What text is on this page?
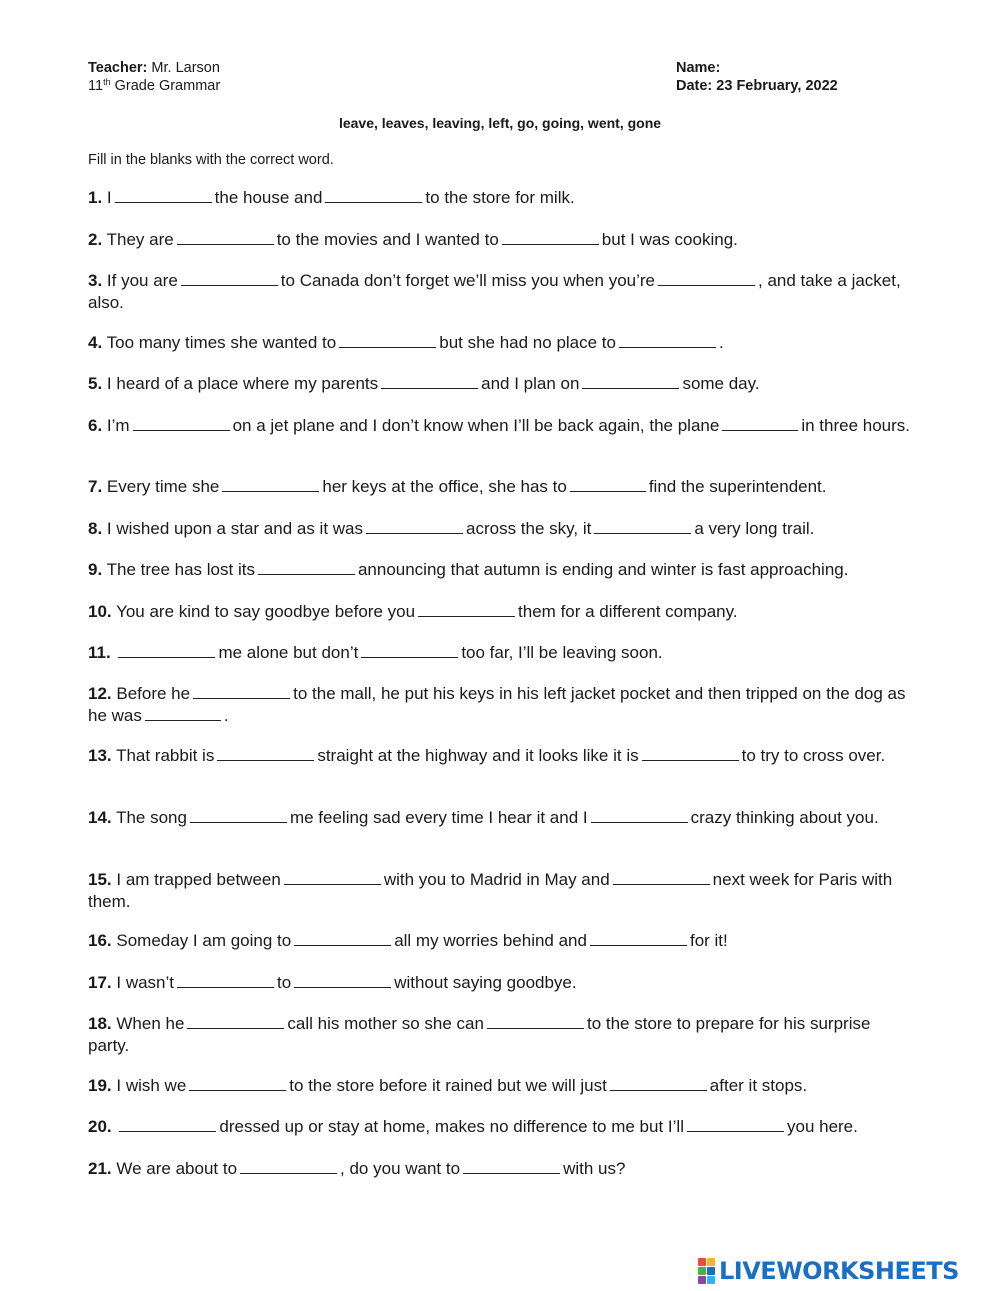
Teacher: Mr. Larson
11th Grade Grammar
Name:
Date: 23 February, 2022
leave, leaves, leaving, left, go, going, went, gone
Fill in the blanks with the correct word.
1. I	the house and	to the store for milk.
2. They are	to the movies and I wanted to	but I was cooking.
3. If you are	to Canada don’t forget we’ll miss you when you’re	, and take a jacket, also.
4. Too many times she wanted to	but she had no place to	.
5. I heard of a place where my parents	and I plan on	some day.
6. I’m	on a jet plane and I don’t know when I’ll be back again, the plane	in three hours.
7. Every time she	her keys at the office, she has to	find the superintendent.
8. I wished upon a star and as it was	across the sky, it	a very long trail.
9. The tree has lost its	announcing that autumn is ending and winter is fast approaching.
10. You are kind to say goodbye before you	them for a different company.
11.	me alone but don’t	too far, I’ll be leaving soon.
12. Before he	to the mall, he put his keys in his left jacket pocket and then tripped on the dog as he was	.
13. That rabbit is	straight at the highway and it looks like it is	to try to cross over.
14. The song	me feeling sad every time I hear it and I	crazy thinking about you.
15. I am trapped between	with you to Madrid in May and	next week for Paris with them.
16. Someday I am going to	all my worries behind and	for it!
17. I wasn’t	to	without saying goodbye.
18. When he	call his mother so she can	to the store to prepare for his surprise party.
19. I wish we	to the store before it rained but we will just	after it stops.
20.	dressed up or stay at home, makes no difference to me but I’ll	you here.
21. We are about to	, do you want to	with us?
LIVEWORKSHEETS
